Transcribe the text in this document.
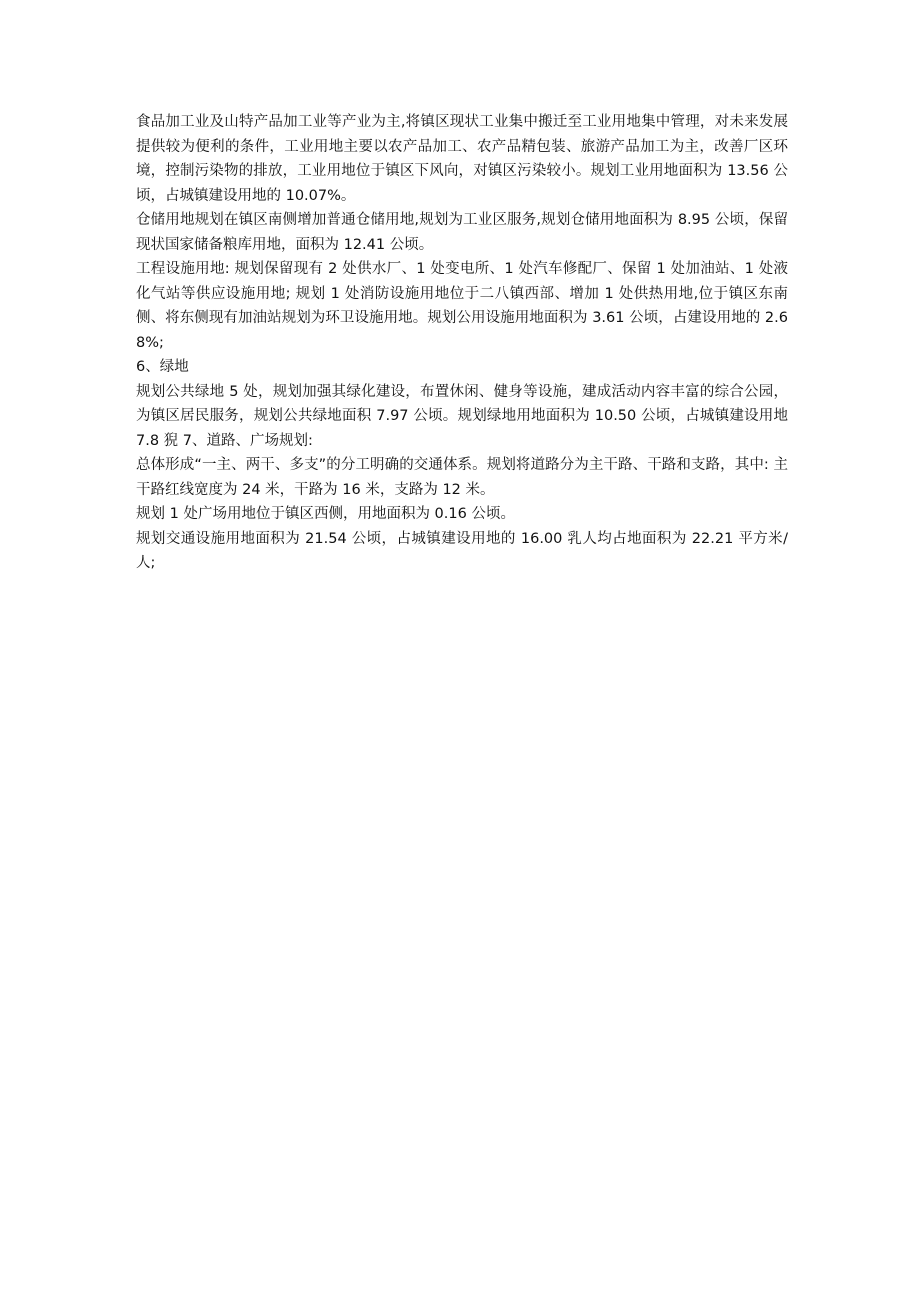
食品加工业及山特产品加工业等产业为主,将镇区现状工业集中搬迁至工业用地集中管理，对未来发展提供较为便利的条件，工业用地主要以农产品加工、农产品精包装、旅游产品加工为主，改善厂区环境，控制污染物的排放，工业用地位于镇区下风向，对镇区污染较小。规划工业用地面积为 13.56 公顷，占城镇建设用地的 10.07%。

仓储用地规划在镇区南侧增加普通仓储用地,规划为工业区服务,规划仓储用地面积为 8.95 公顷，保留现状国家储备粮库用地，面积为 12.41 公顷。

工程设施用地: 规划保留现有 2 处供水厂、1 处变电所、1 处汽车修配厂、保留 1 处加油站、1 处液化气站等供应设施用地; 规划 1 处消防设施用地位于二八镇西部、增加 1 处供热用地,位于镇区东南侧、将东侧现有加油站规划为环卫设施用地。规划公用设施用地面积为 3.61 公顷，占建设用地的 2.68%;

6、绿地

规划公共绿地 5 处，规划加强其绿化建设，布置休闲、健身等设施，建成活动内容丰富的综合公园，为镇区居民服务，规划公共绿地面积 7.97 公顷。规划绿地用地面积为 10.50 公顷，占城镇建设用地 7.8 猊 7、道路、广场规划:

总体形成“一主、两干、多支”的分工明确的交通体系。规划将道路分为主干路、干路和支路，其中: 主干路红线宽度为 24 米，干路为 16 米，支路为 12 米。

规划 1 处广场用地位于镇区西侧，用地面积为 0.16 公顷。

规划交通设施用地面积为 21.54 公顷，占城镇建设用地的 16.00 乳人均占地面积为 22.21 平方米/人;
